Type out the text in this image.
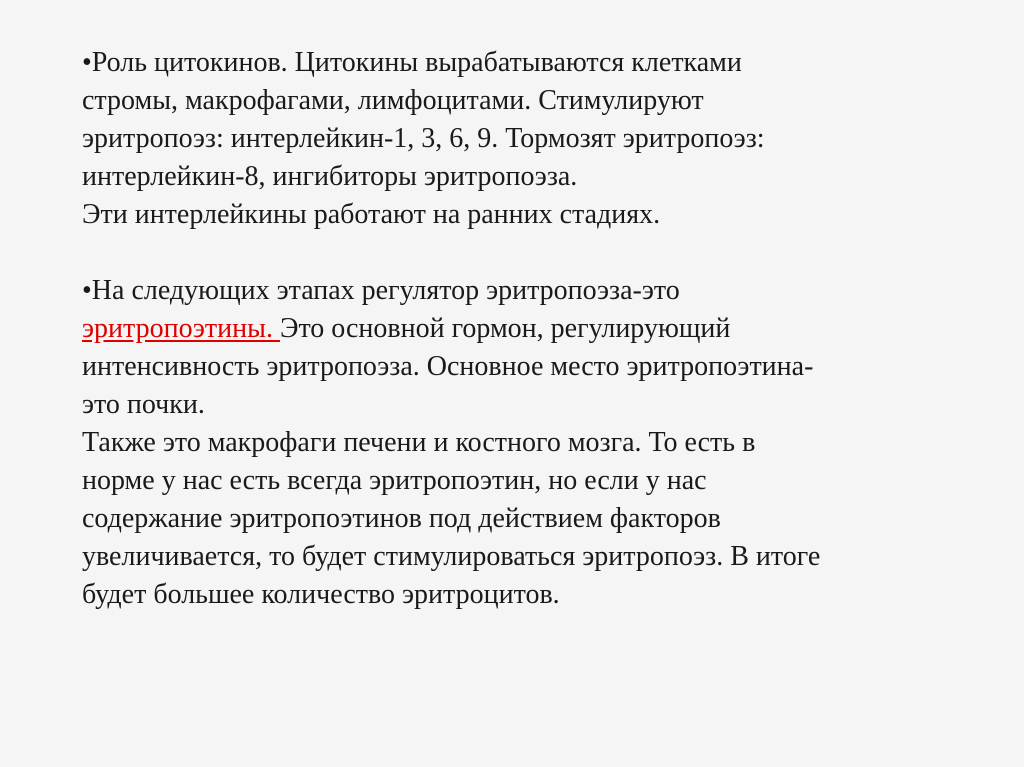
•Роль цитокинов. Цитокины вырабатываются клетками
стромы, макрофагами, лимфоцитами. Стимулируют
эритропоэз: интерлейкин-1, 3, 6, 9. Тормозят эритропоэз:
интерлейкин-8, ингибиторы эритропоэза.
Эти интерлейкины работают на ранних стадиях.
•На следующих этапах регулятор эритропоэза-это
эритропоэтины. Это основной гормон, регулирующий
интенсивность эритропоэза. Основное место эритропоэтина-
это почки.
Также это макрофаги печени и костного мозга. То есть в
норме у нас есть всегда эритропоэтин, но если у нас
содержание эритропоэтинов под действием факторов
увеличивается, то будет стимулироваться эритропоэз. В итоге
будет большее количество эритроцитов.
